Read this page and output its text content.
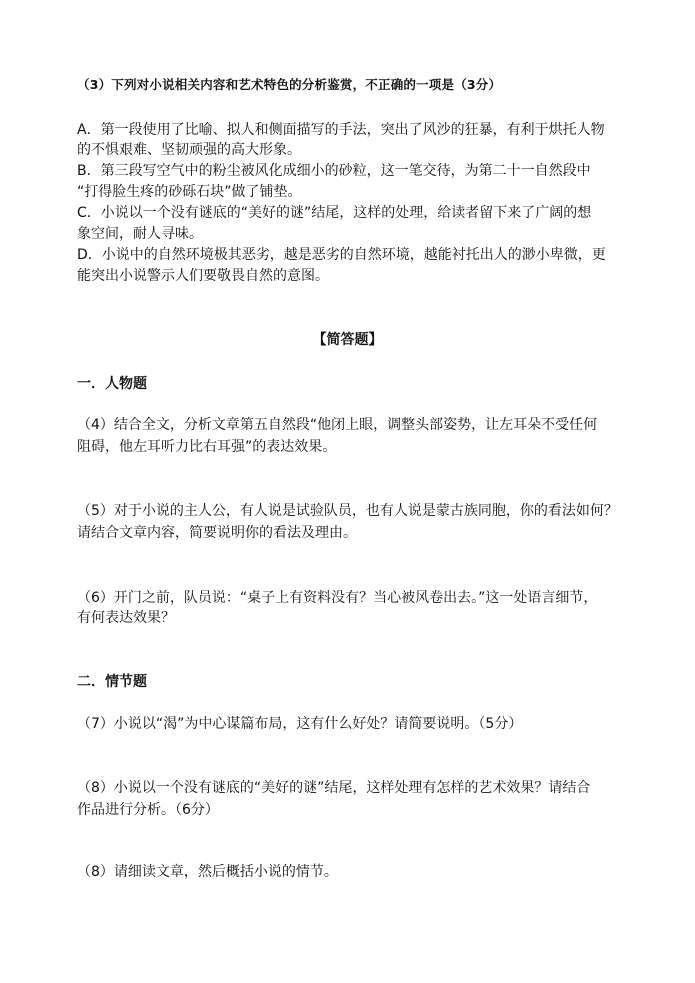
（3）下列对小说相关内容和艺术特色的分析鉴赏，不正确的一项是（3分）
A．第一段使用了比喻、拟人和侧面描写的手法，突出了风沙的狂暴，有利于烘托人物
的不惧艰难、坚韧顽强的高大形象。
B．第三段写空气中的粉尘被风化成细小的砂粒，这一笔交待，为第二十一自然段中
“打得脸生疼的砂砾石块”做了铺垫。
C．小说以一个没有谜底的“美好的谜”结尾，这样的处理，给读者留下来了广阔的想
象空间，耐人寻味。
D．小说中的自然环境极其恶劣，越是恶劣的自然环境，越能衬托出人的渺小卑微，更
能突出小说警示人们要敬畏自然的意图。
【简答题】
一．人物题
（4）结合全文，分析文章第五自然段“他闭上眼，调整头部姿势，让左耳朵不受任何
阻碍，他左耳听力比右耳强”的表达效果。
（5）对于小说的主人公，有人说是试验队员，也有人说是蒙古族同胞，你的看法如何？
请结合文章内容，简要说明你的看法及理由。
（6）开门之前，队员说：“桌子上有资料没有？当心被风卷出去。”这一处语言细节，
有何表达效果？
二．情节题
（7）小说以“渴”为中心谋篇布局，这有什么好处？请简要说明。（5分）
（8）小说以一个没有谜底的“美好的谜”结尾，这样处理有怎样的艺术效果？请结合
作品进行分析。（6分）
（8）请细读文章，然后概括小说的情节。
